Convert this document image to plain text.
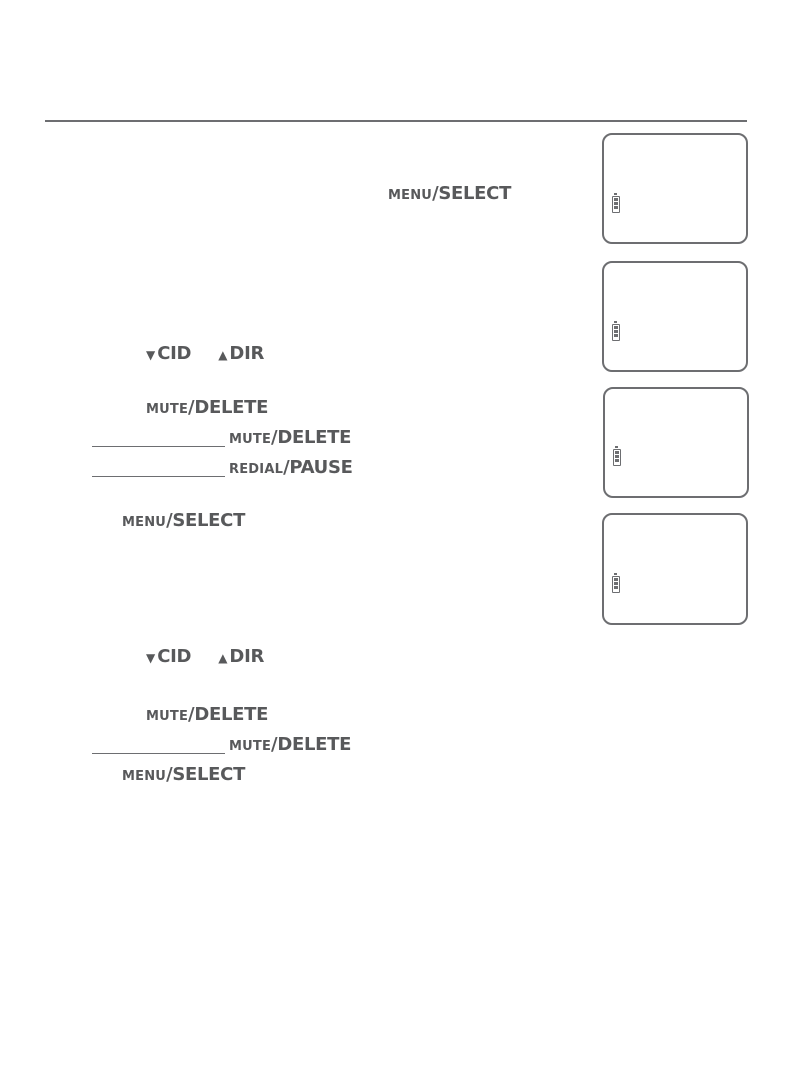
MENU/SELECT
▼ CID ▲ DIR
MUTE/DELETE
MUTE/DELETE
REDIAL/PAUSE
MENU/SELECT
▼ CID ▲ DIR
MUTE/DELETE
MUTE/DELETE
MENU/SELECT
